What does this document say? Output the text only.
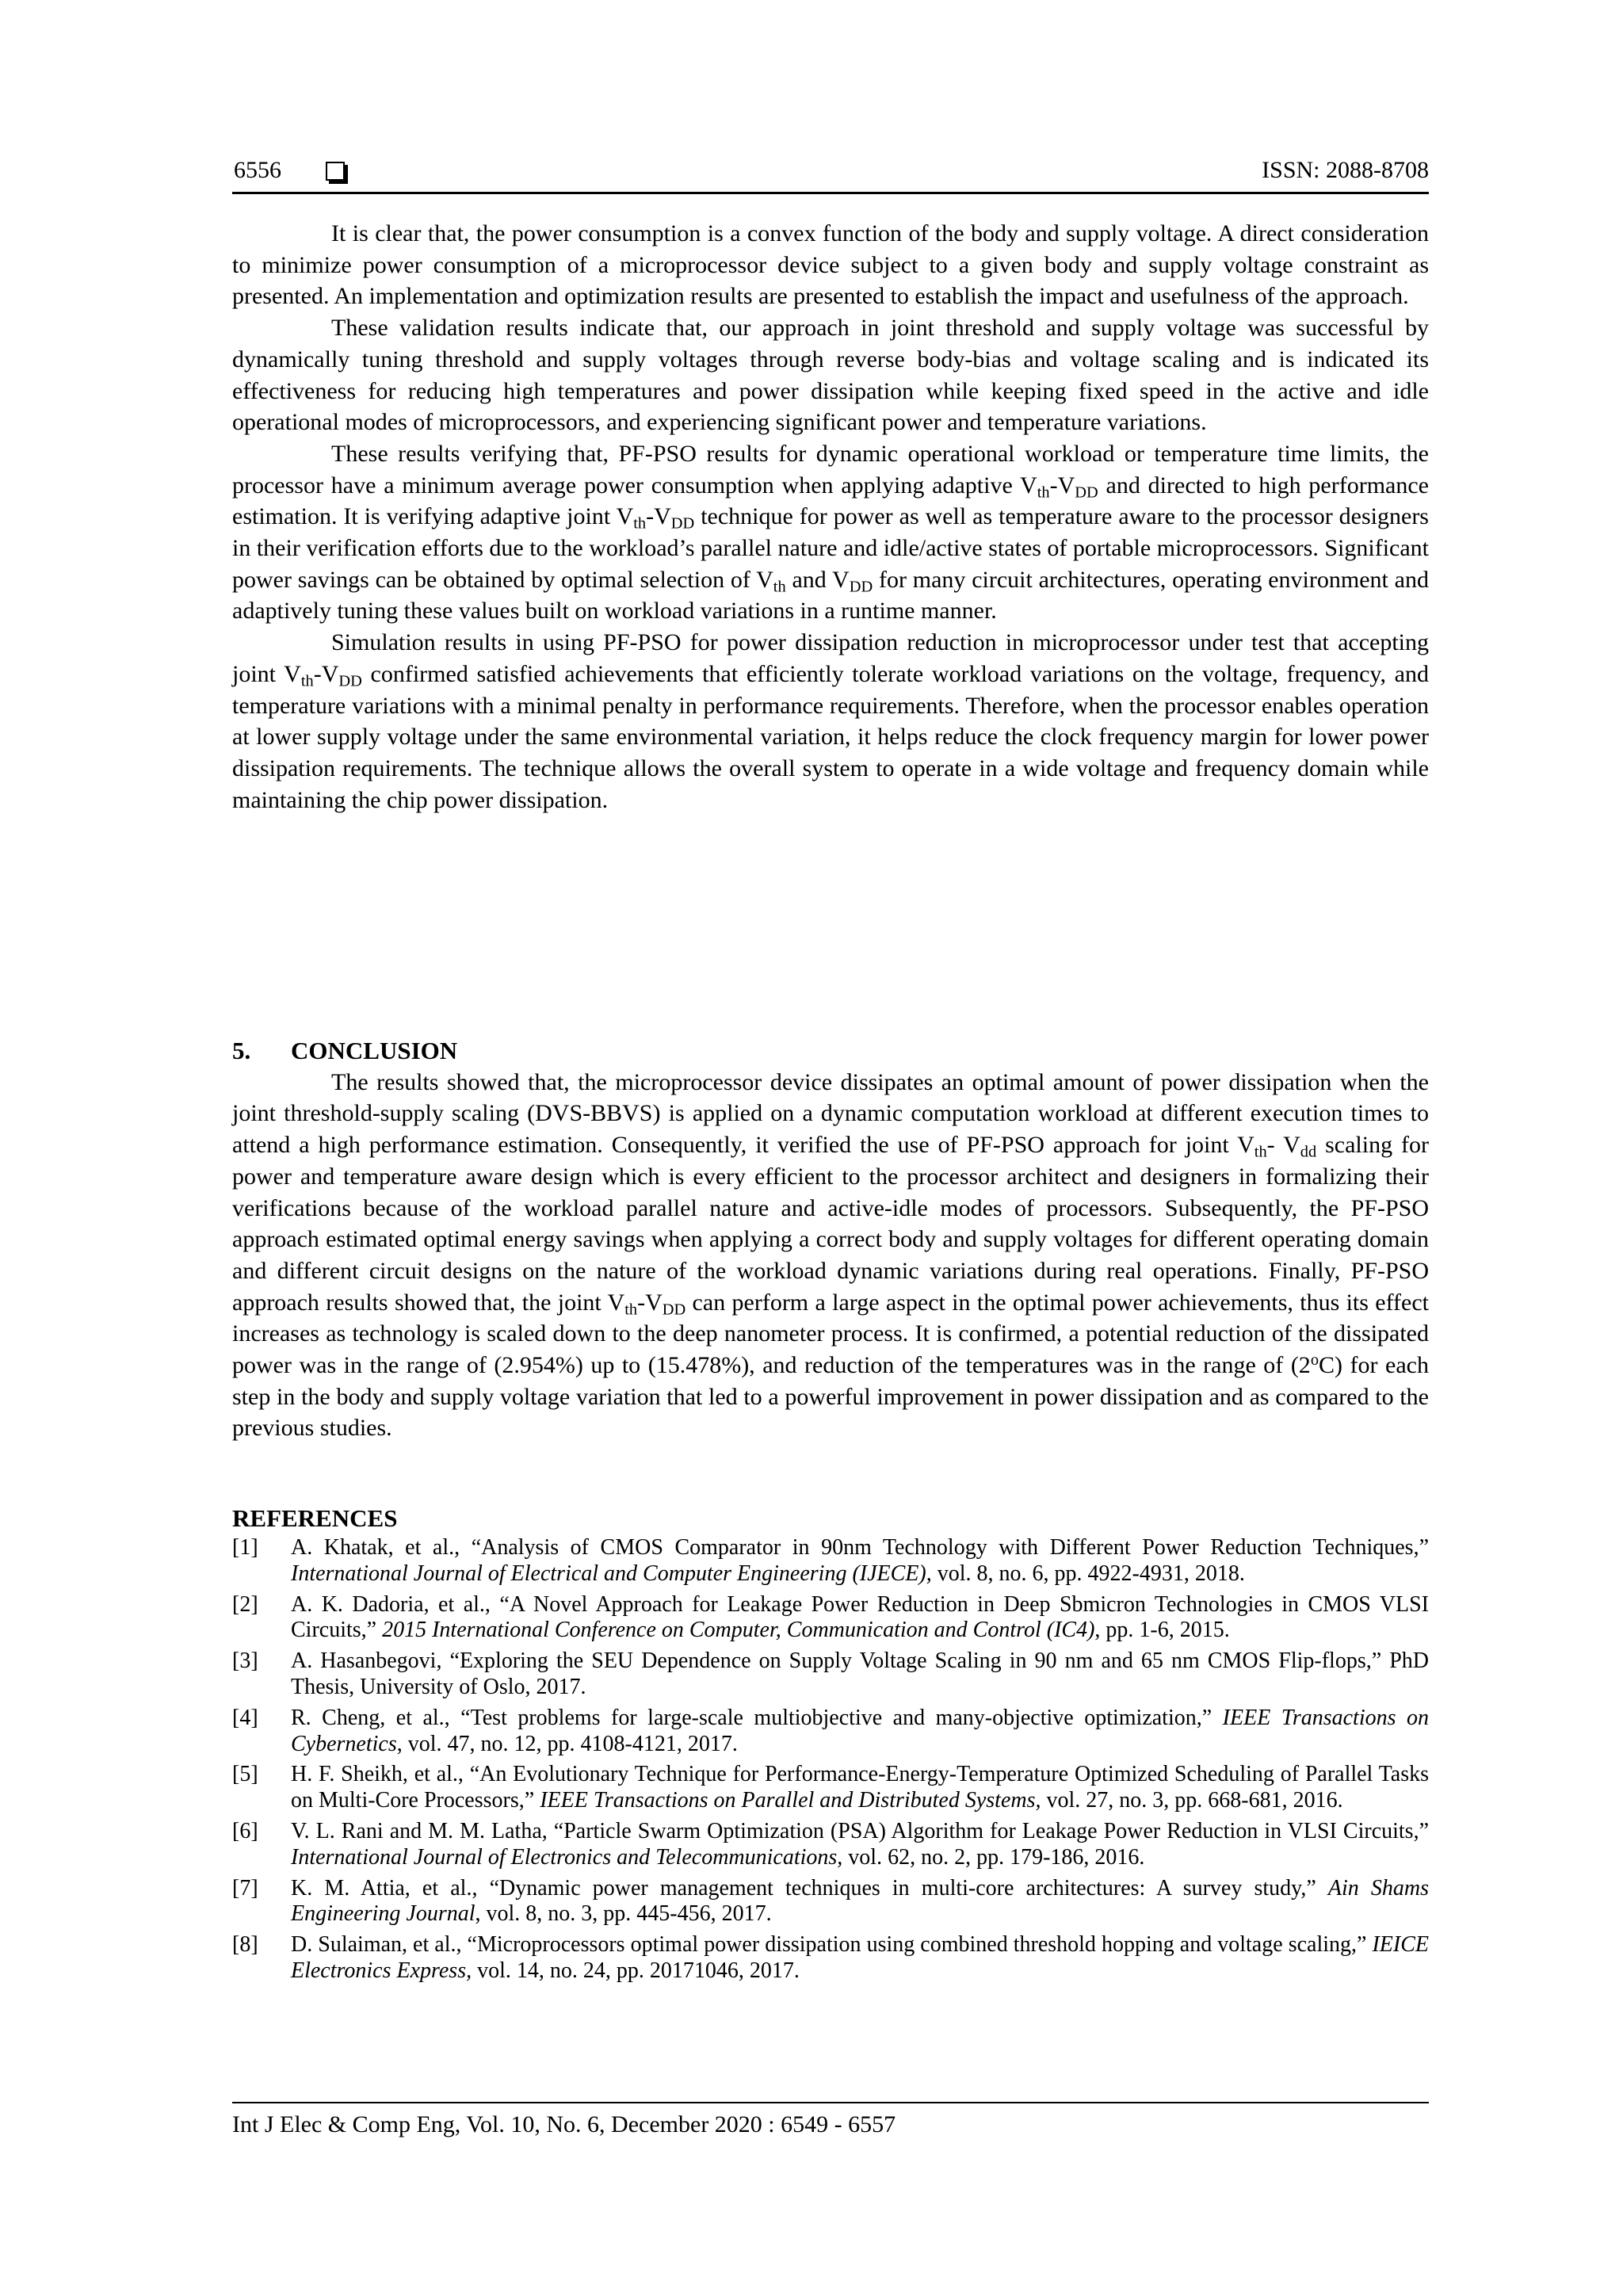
6556	ISSN: 2088-8708

It is clear that, the power consumption is a convex function of the body and supply voltage. A direct consideration to minimize power consumption of a microprocessor device subject to a given body and supply voltage constraint as presented. An implementation and optimization results are presented to establish the impact and usefulness of the approach.

These validation results indicate that, our approach in joint threshold and supply voltage was successful by dynamically tuning threshold and supply voltages through reverse body-bias and voltage scaling and is indicated its effectiveness for reducing high temperatures and power dissipation while keeping fixed speed in the active and idle operational modes of microprocessors, and experiencing significant power and temperature variations.

These results verifying that, PF-PSO results for dynamic operational workload or temperature time limits, the processor have a minimum average power consumption when applying adaptive $V_{th}-V_{DD}$ and directed to high performance estimation. It is verifying adaptive joint $V_{th}-V_{DD}$ technique for power as well as temperature aware to the processor designers in their verification efforts due to the workload’s parallel nature and idle/active states of portable microprocessors. Significant power savings can be obtained by optimal selection of $V_{th}$ and $V_{DD}$ for many circuit architectures, operating environment and adaptively tuning these values built on workload variations in a runtime manner.

Simulation results in using PF-PSO for power dissipation reduction in microprocessor under test that accepting joint $V_{th}-V_{DD}$ confirmed satisfied achievements that efficiently tolerate workload variations on the voltage, frequency, and temperature variations with a minimal penalty in performance requirements. Therefore, when the processor enables operation at lower supply voltage under the same environmental variation, it helps reduce the clock frequency margin for lower power dissipation requirements. The technique allows the overall system to operate in a wide voltage and frequency domain while maintaining the chip power dissipation.

5. CONCLUSION

The results showed that, the microprocessor device dissipates an optimal amount of power dissipation when the joint threshold-supply scaling (DVS-BBVS) is applied on a dynamic computation workload at different execution times to attend a high performance estimation. Consequently, it verified the use of PF-PSO approach for joint $V_{th}-$ $V_{dd}$ scaling for power and temperature aware design which is every efficient to the processor architect and designers in formalizing their verifications because of the workload parallel nature and active-idle modes of processors. Subsequently, the PF-PSO approach estimated optimal energy savings when applying a correct body and supply voltages for different operating domain and different circuit designs on the nature of the workload dynamic variations during real operations. Finally, PF-PSO approach results showed that, the joint $V_{th}-V_{DD}$ can perform a large aspect in the optimal power achievements, thus its effect increases as technology is scaled down to the deep nanometer process. It is confirmed, a potential reduction of the dissipated power was in the range of (2.954%) up to (15.478%), and reduction of the temperatures was in the range of (2$^o$C) for each step in the body and supply voltage variation that led to a powerful improvement in power dissipation and as compared to the previous studies.

REFERENCES

[1] A. Khatak, et al., “Analysis of CMOS Comparator in 90nm Technology with Different Power Reduction Techniques,” International Journal of Electrical and Computer Engineering (IJECE), vol. 8, no. 6, pp. 4922-4931, 2018.
[2] A. K. Dadoria, et al., “A Novel Approach for Leakage Power Reduction in Deep Sbmicron Technologies in CMOS VLSI Circuits,” 2015 International Conference on Computer, Communication and Control (IC4), pp. 1-6, 2015.
[3] A. Hasanbegovi, “Exploring the SEU Dependence on Supply Voltage Scaling in 90 nm and 65 nm CMOS Flip-flops,” PhD Thesis, University of Oslo, 2017.
[4] R. Cheng, et al., “Test problems for large-scale multiobjective and many-objective optimization,” IEEE Transactions on Cybernetics, vol. 47, no. 12, pp. 4108-4121, 2017.
[5] H. F. Sheikh, et al., “An Evolutionary Technique for Performance-Energy-Temperature Optimized Scheduling of Parallel Tasks on Multi-Core Processors,” IEEE Transactions on Parallel and Distributed Systems, vol. 27, no. 3, pp. 668-681, 2016.
[6] V. L. Rani and M. M. Latha, “Particle Swarm Optimization (PSA) Algorithm for Leakage Power Reduction in VLSI Circuits,” International Journal of Electronics and Telecommunications, vol. 62, no. 2, pp. 179-186, 2016.
[7] K. M. Attia, et al., “Dynamic power management techniques in multi-core architectures: A survey study,” Ain Shams Engineering Journal, vol. 8, no. 3, pp. 445-456, 2017.
[8] D. Sulaiman, et al., “Microprocessors optimal power dissipation using combined threshold hopping and voltage scaling,” IEICE Electronics Express, vol. 14, no. 24, pp. 20171046, 2017.
Int J Elec & Comp Eng, Vol. 10, No. 6, December 2020 : 6549 - 6557
